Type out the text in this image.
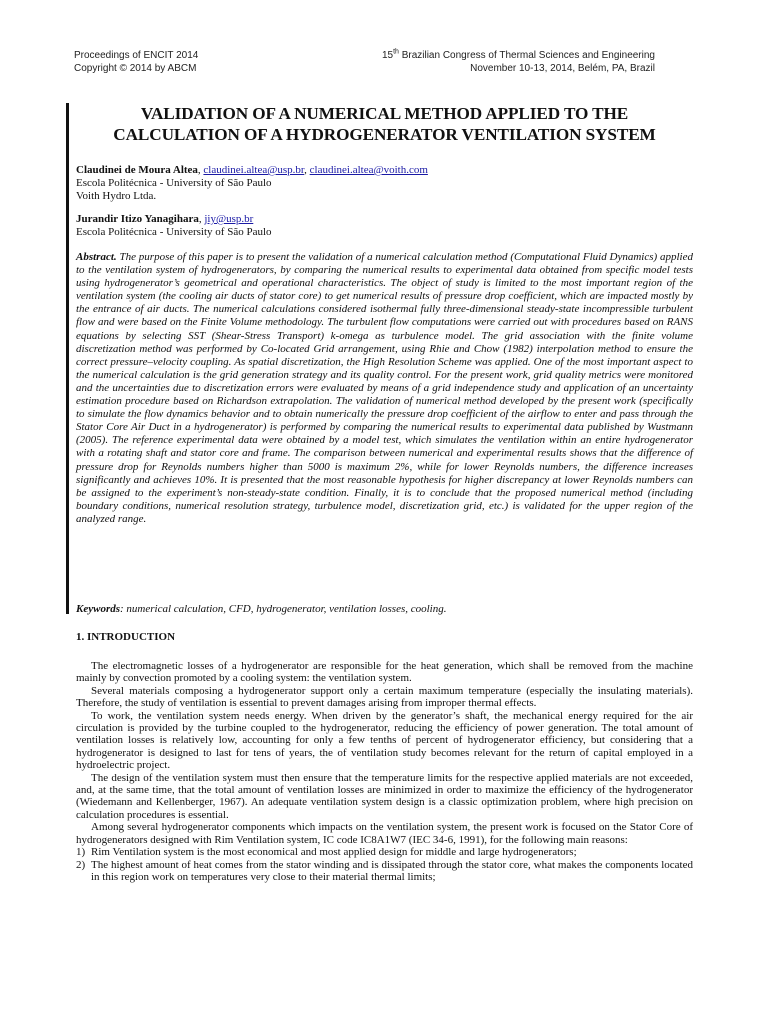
Proceedings of ENCIT 2014
Copyright © 2014 by ABCM
15th Brazilian Congress of Thermal Sciences and Engineering
November 10-13, 2014, Belém, PA, Brazil
VALIDATION OF A NUMERICAL METHOD APPLIED TO THE
CALCULATION OF A HYDROGENERATOR VENTILATION SYSTEM
Claudinei de Moura Altea, claudinei.altea@usp.br, claudinei.altea@voith.com
Escola Politécnica - University of São Paulo
Voith Hydro Ltda.
Jurandir Itizo Yanagihara, jiy@usp.br
Escola Politécnica - University of São Paulo
Abstract. The purpose of this paper is to present the validation of a numerical calculation method (Computational Fluid Dynamics) applied to the ventilation system of hydrogenerators, by comparing the numerical results to experimental data obtained from specific model tests using hydrogenerator’s geometrical and operational characteristics. The object of study is limited to the most important region of the ventilation system (the cooling air ducts of stator core) to get numerical results of pressure drop coefficient, which are impacted mostly by the entrance of air ducts. The numerical calculations considered isothermal fully three-dimensional steady-state incompressible turbulent flow and were based on the Finite Volume methodology. The turbulent flow computations were carried out with procedures based on RANS equations by selecting SST (Shear-Stress Transport) k-omega as turbulence model. The grid association with the finite volume discretization method was performed by Co-located Grid arrangement, using Rhie and Chow (1982) interpolation method to ensure the correct pressure–velocity coupling. As spatial discretization, the High Resolution Scheme was applied. One of the most important aspect to the numerical calculation is the grid generation strategy and its quality control. For the present work, grid quality metrics were monitored and the uncertainties due to discretization errors were evaluated by means of a grid independence study and application of an uncertainty estimation procedure based on Richardson extrapolation. The validation of numerical method developed by the present work (specifically to simulate the flow dynamics behavior and to obtain numerically the pressure drop coefficient of the airflow to enter and pass through the Stator Core Air Duct in a hydrogenerator) is performed by comparing the numerical results to experimental data published by Wustmann (2005). The reference experimental data were obtained by a model test, which simulates the ventilation within an entire hydrogenerator with a rotating shaft and stator core and frame. The comparison between numerical and experimental results shows that the difference of pressure drop for Reynolds numbers higher than 5000 is maximum 2%, while for lower Reynolds numbers, the difference increases significantly and achieves 10%. It is presented that the most reasonable hypothesis for higher discrepancy at lower Reynolds numbers can be assigned to the experiment’s non-steady-state condition. Finally, it is to conclude that the proposed numerical method (including boundary conditions, numerical resolution strategy, turbulence model, discretization grid, etc.) is validated for the upper region of the analyzed range.
Keywords: numerical calculation, CFD, hydrogenerator, ventilation losses, cooling.
1. INTRODUCTION

The electromagnetic losses of a hydrogenerator are responsible for the heat generation, which shall be removed from the machine mainly by convection promoted by a cooling system: the ventilation system.

Several materials composing a hydrogenerator support only a certain maximum temperature (especially the insulating materials). Therefore, the study of ventilation is essential to prevent damages arising from improper thermal effects.

To work, the ventilation system needs energy. When driven by the generator’s shaft, the mechanical energy required for the air circulation is provided by the turbine coupled to the hydrogenerator, reducing the efficiency of power generation. The total amount of ventilation losses is relatively low, accounting for only a few tenths of percent of hydrogenerator efficiency, but considering that a hydrogenerator is designed to last for tens of years, the of ventilation study becomes relevant for the return of capital employed in a hydroelectric project.

The design of the ventilation system must then ensure that the temperature limits for the respective applied materials are not exceeded, and, at the same time, that the total amount of ventilation losses are minimized in order to maximize the efficiency of the hydrogenerator (Wiedemann and Kellenberger, 1967). An adequate ventilation system design is a classic optimization problem, where high precision on calculation procedures is essential.

Among several hydrogenerator components which impacts on the ventilation system, the present work is focused on the Stator Core of hydrogenerators designed with Rim Ventilation system, IC code IC8A1W7 (IEC 34-6, 1991), for the following main reasons:

1) Rim Ventilation system is the most economical and most applied design for middle and large hydrogenerators;
2) The highest amount of heat comes from the stator winding and is dissipated through the stator core, what makes the components located in this region work on temperatures very close to their material thermal limits;
